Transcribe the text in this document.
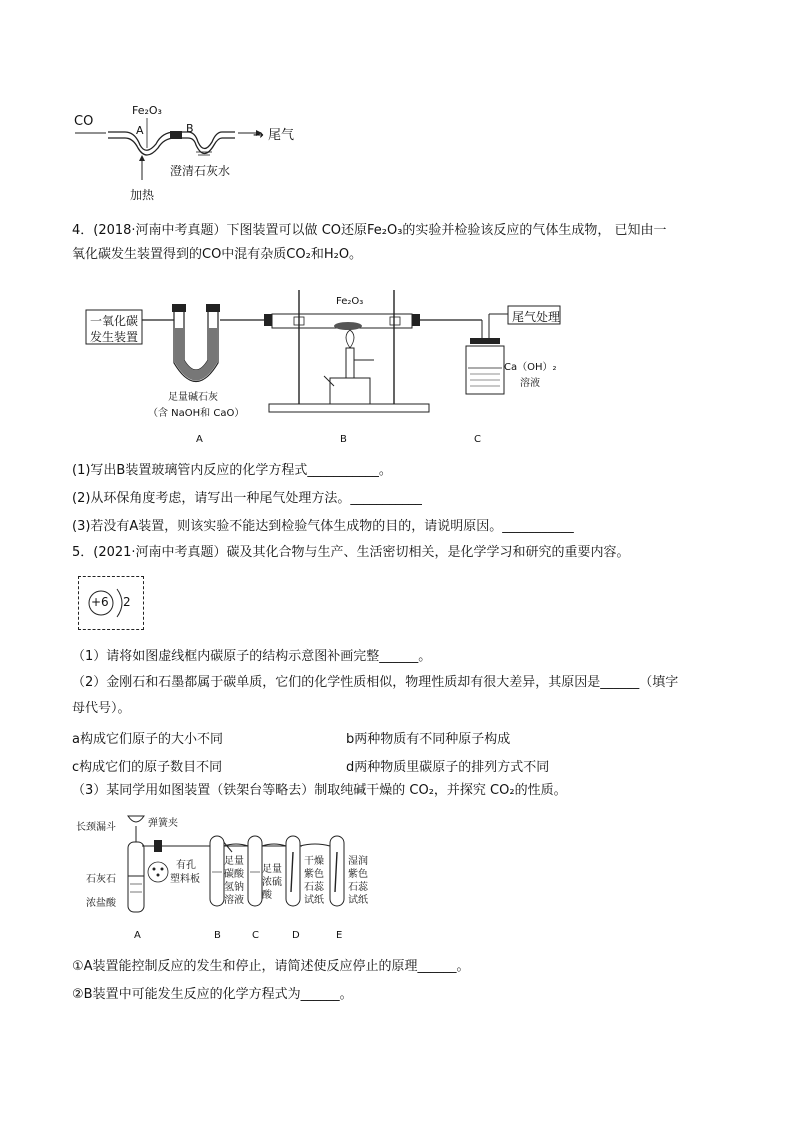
CO
Fe₂O₃
A	B	→ 尾气
澄清石灰水
加热
4．(2018·河南中考真题）下图装置可以做 CO还原Fe₂O₃的实验并检验该反应的气体生成物， 已知由一
氧化碳发生装置得到的CO中混有杂质CO₂和H₂O。
一氧化碳
发生装置
Fe₂O₃
尾气处理
Ca（OH）₂
溶液
足量碱石灰
（含 NaOH和 CaO）
A	B	C
(1)写出B装置玻璃管内反应的化学方程式___________。
(2)从环保角度考虑，请写出一种尾气处理方法。___________
(3)若没有A装置，则该实验不能达到检验气体生成物的目的，请说明原因。___________
5．(2021·河南中考真题）碳及其化合物与生产、生活密切相关，是化学学习和研究的重要内容。
+6 2
（1）请将如图虚线框内碳原子的结构示意图补画完整______。
（2）金刚石和石墨都属于碳单质，它们的化学性质相似，物理性质却有很大差异，其原因是______（填字
母代号）。
a构成它们原子的大小不同	b两种物质有不同种原子构成
c构成它们的原子数目不同	d两种物质里碳原子的排列方式不同
（3）某同学用如图装置（铁架台等略去）制取纯碱干燥的 CO₂，并探究 CO₂的性质。
长颈漏斗	弹簧夹
有孔
塑料板
石灰石
浓盐酸
足量
碳酸
氢钠
溶液
足量
浓硫
酸
干燥
紫色
石蕊
试纸
湿润
紫色
石蕊
试纸
A	B	C	D	E
①A装置能控制反应的发生和停止，请简述使反应停止的原理______。
②B装置中可能发生反应的化学方程式为______。
